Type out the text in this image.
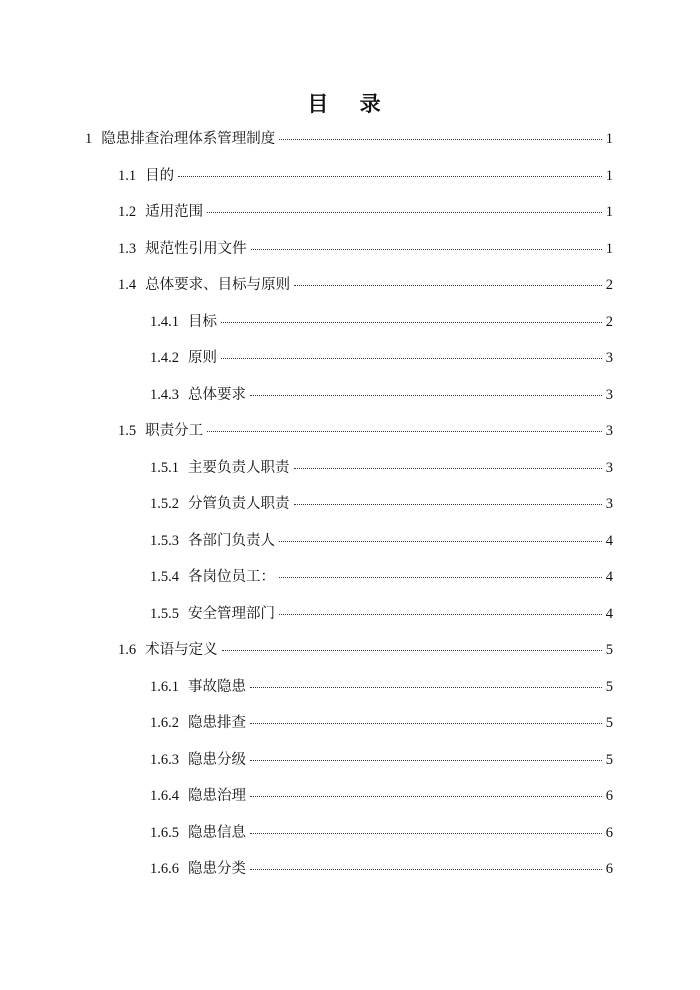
目 录
1 隐患排查治理体系管理制度	1
1.1 目的	1
1.2 适用范围	1
1.3 规范性引用文件	1
1.4 总体要求、目标与原则	2
1.4.1 目标	2
1.4.2 原则	3
1.4.3 总体要求	3
1.5 职责分工	3
1.5.1 主要负责人职责	3
1.5.2 分管负责人职责	3
1.5.3 各部门负责人	4
1.5.4 各岗位员工：	4
1.5.5 安全管理部门	4
1.6 术语与定义	5
1.6.1 事故隐患	5
1.6.2 隐患排查	5
1.6.3 隐患分级	5
1.6.4 隐患治理	6
1.6.5 隐患信息	6
1.6.6 隐患分类	6
